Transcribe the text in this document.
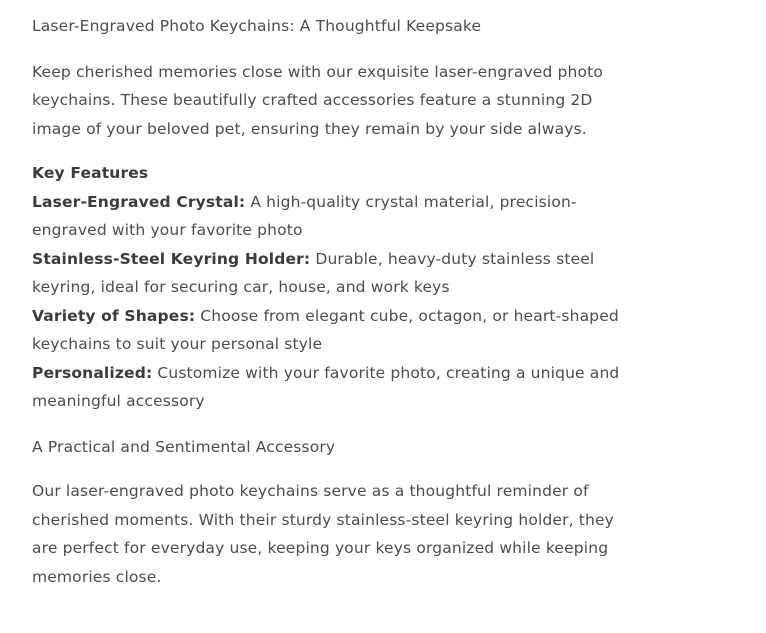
Laser-Engraved Photo Keychains: A Thoughtful Keepsake

Keep cherished memories close with our exquisite laser-engraved photo keychains. These beautifully crafted accessories feature a stunning 2D image of your beloved pet, ensuring they remain by your side always.

Key Features

Laser-Engraved Crystal: A high-quality crystal material, precision-engraved with your favorite photo

Stainless-Steel Keyring Holder: Durable, heavy-duty stainless steel keyring, ideal for securing car, house, and work keys

Variety of Shapes: Choose from elegant cube, octagon, or heart-shaped keychains to suit your personal style

Personalized: Customize with your favorite photo, creating a unique and meaningful accessory

A Practical and Sentimental Accessory

Our laser-engraved photo keychains serve as a thoughtful reminder of cherished moments. With their sturdy stainless-steel keyring holder, they are perfect for everyday use, keeping your keys organized while keeping memories close.
